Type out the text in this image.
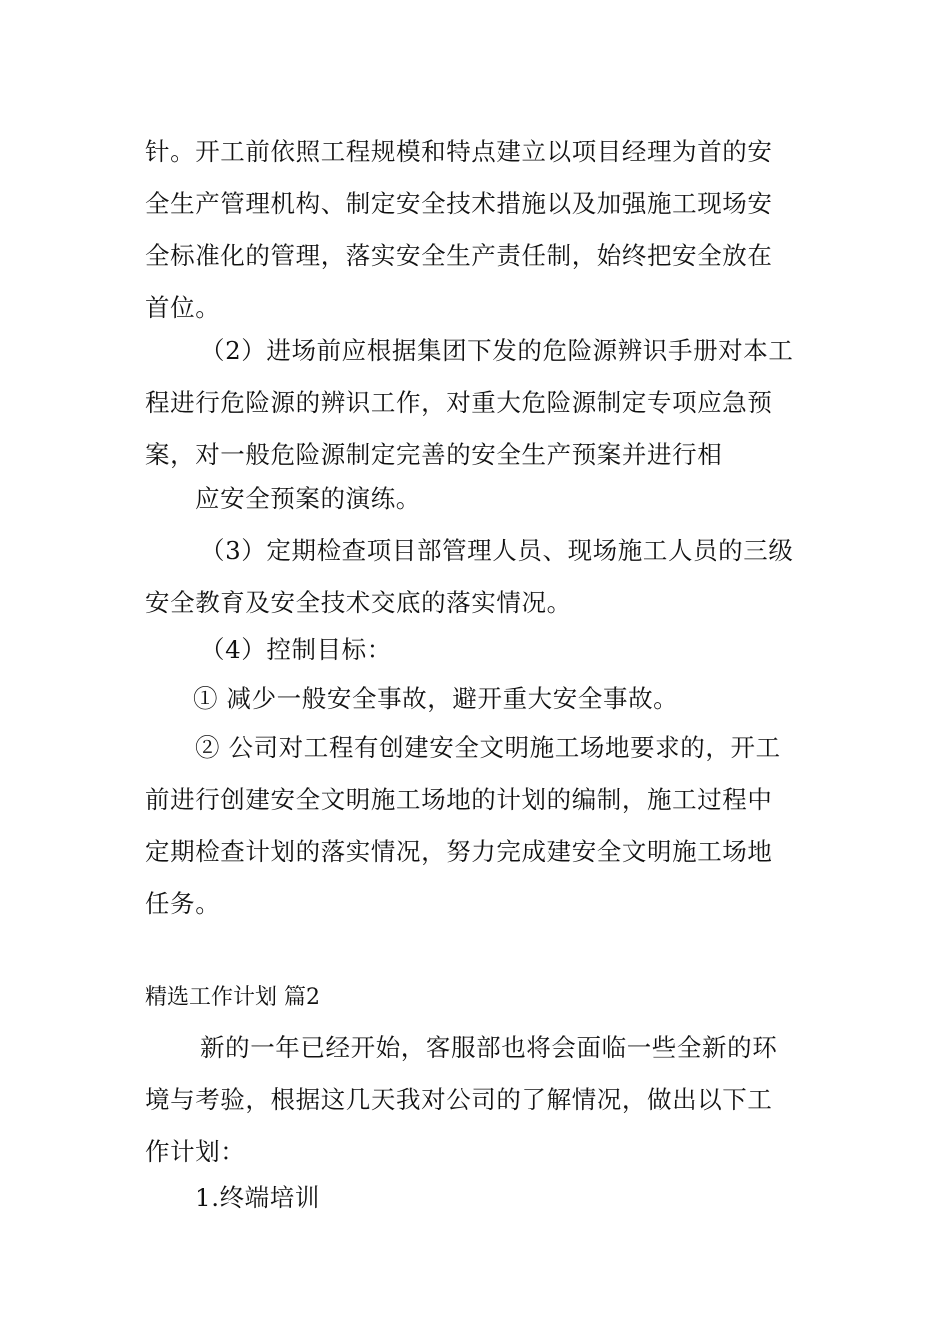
针。开工前依照工程规模和特点建立以项目经理为首的安
全生产管理机构、制定安全技术措施以及加强施工现场安
全标准化的管理，落实安全生产责任制，始终把安全放在
首位。
（2）进场前应根据集团下发的危险源辨识手册对本工
程进行危险源的辨识工作，对重大危险源制定专项应急预
案，对一般危险源制定完善的安全生产预案并进行相
应安全预案的演练。
（3）定期检查项目部管理人员、现场施工人员的三级
安全教育及安全技术交底的落实情况。
（4）控制目标：
① 减少一般安全事故，避开重大安全事故。
② 公司对工程有创建安全文明施工场地要求的，开工
前进行创建安全文明施工场地的计划的编制，施工过程中
定期检查计划的落实情况，努力完成建安全文明施工场地
任务。
精选工作计划 篇2
新的一年已经开始，客服部也将会面临一些全新的环
境与考验，根据这几天我对公司的了解情况，做出以下工
作计划：
1.终端培训
